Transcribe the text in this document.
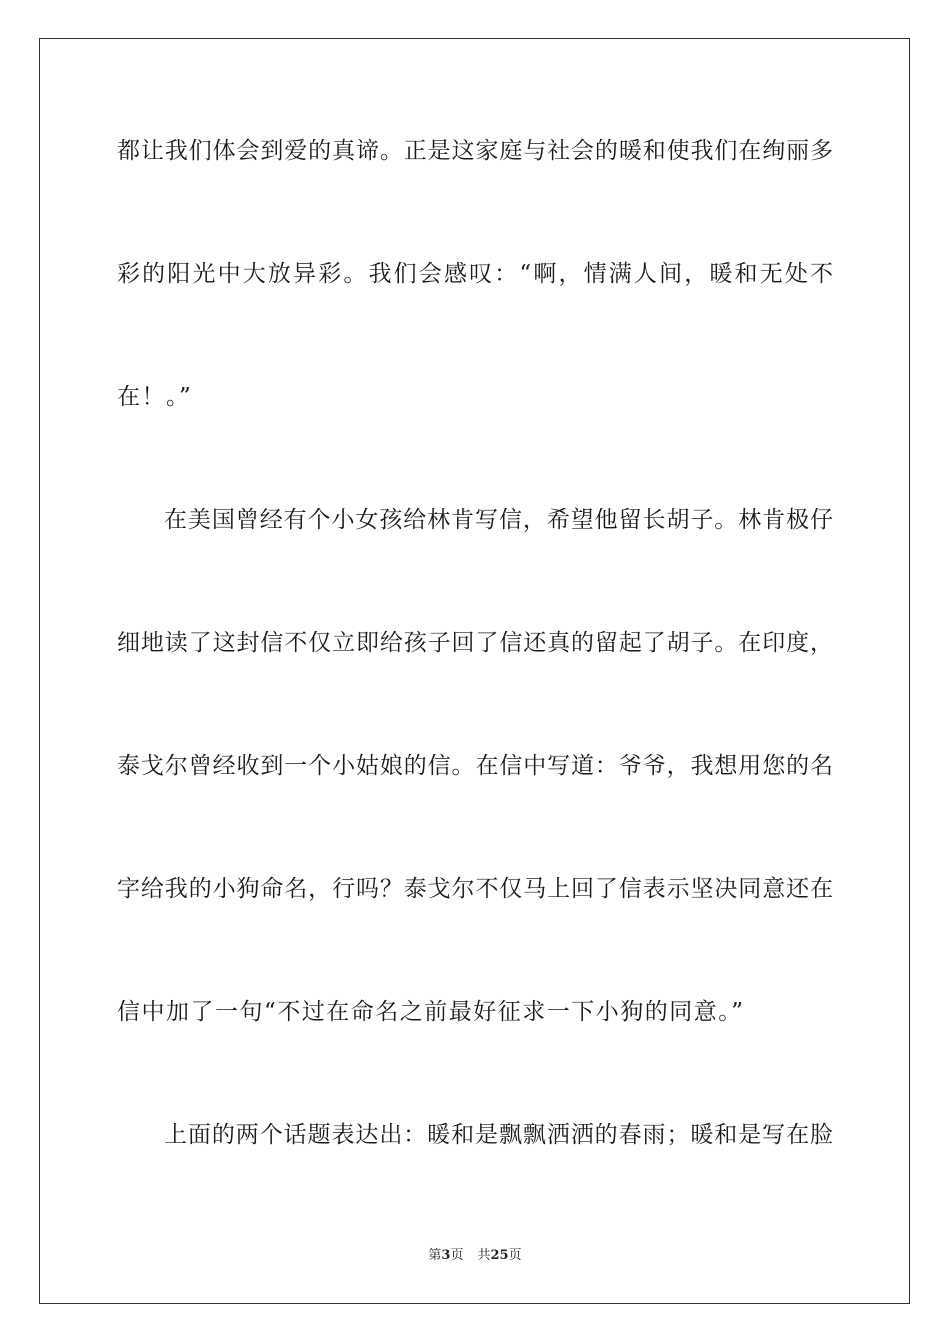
都让我们体会到爱的真谛。正是这家庭与社会的暖和使我们在绚丽多
彩的阳光中大放异彩。我们会感叹：“啊，情满人间，暖和无处不
在！。”
在美国曾经有个小女孩给林肯写信，希望他留长胡子。林肯极仔
细地读了这封信不仅立即给孩子回了信还真的留起了胡子。在印度，
泰戈尔曾经收到一个小姑娘的信。在信中写道：爷爷，我想用您的名
字给我的小狗命名，行吗？泰戈尔不仅马上回了信表示坚决同意还在
信中加了一句“不过在命名之前最好征求一下小狗的同意。”
上面的两个话题表达出：暖和是飘飘洒洒的春雨；暖和是写在脸
第3页 共25页
